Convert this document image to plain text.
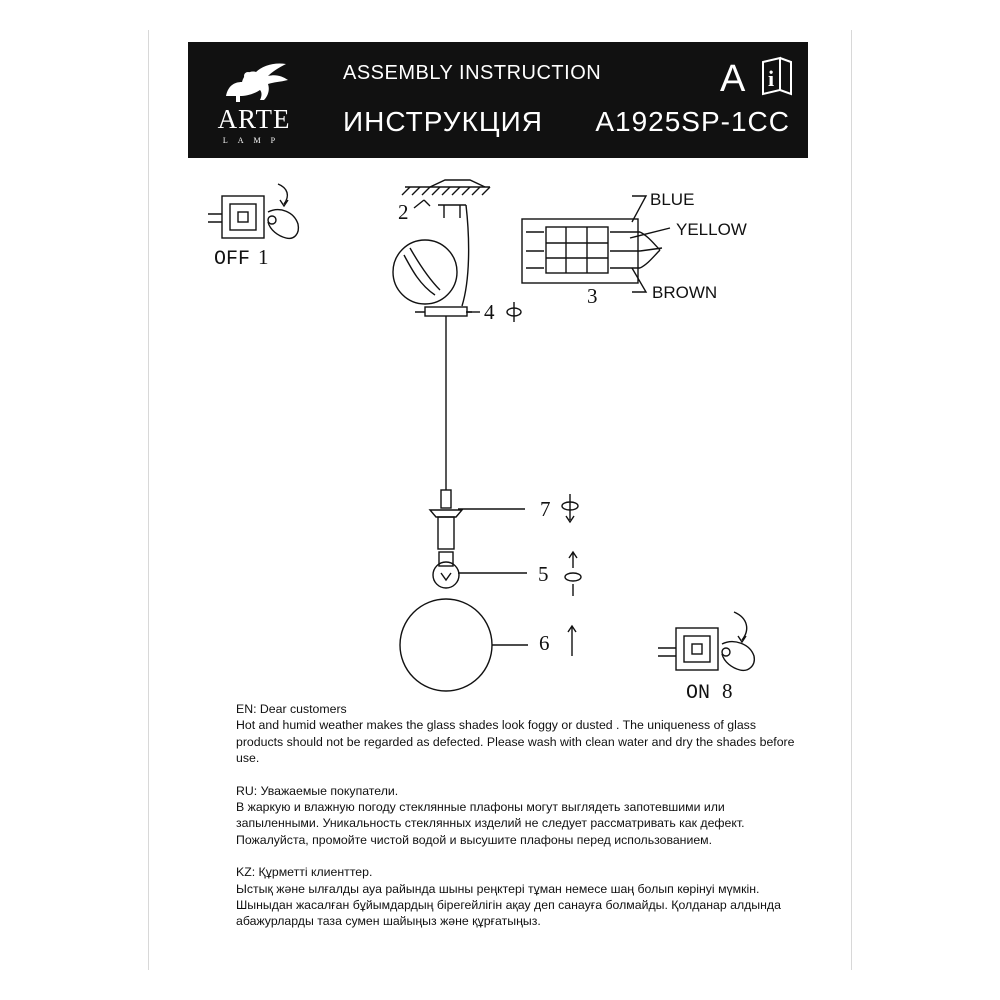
ARTE
LAMP
ASSEMBLY INSTRUCTION
ИНСТРУКЦИЯ A1925SP-1CC
A i
OFF 1
ON 8
2
3
4
7
5
6
BLUE
YELLOW
BROWN

EN: Dear customers

Hot and humid weather makes the glass shades look foggy or dusted . The uniqueness of glass products should not be regarded as defected. Please wash with clean water and dry the shades before use.

RU: Уважаемые покупатели.

В жаркую и влажную погоду стеклянные плафоны могут выглядеть запотевшими или запыленными. Уникальность стеклянных изделий не следует рассматривать как дефект. Пожалуйста, промойте чистой водой и высушите плафоны перед использованием.

KZ: Құрметті клиенттер.

Ыстық және ылғалды ауа райында шыны реңктері тұман немесе шаң болып көрінуі мүмкін. Шыныдан жасалған бұйымдардың бірегейлігін ақау деп санауға болмайды. Қолданар алдында абажурларды таза сумен шайыңыз және құрғатыңыз.
